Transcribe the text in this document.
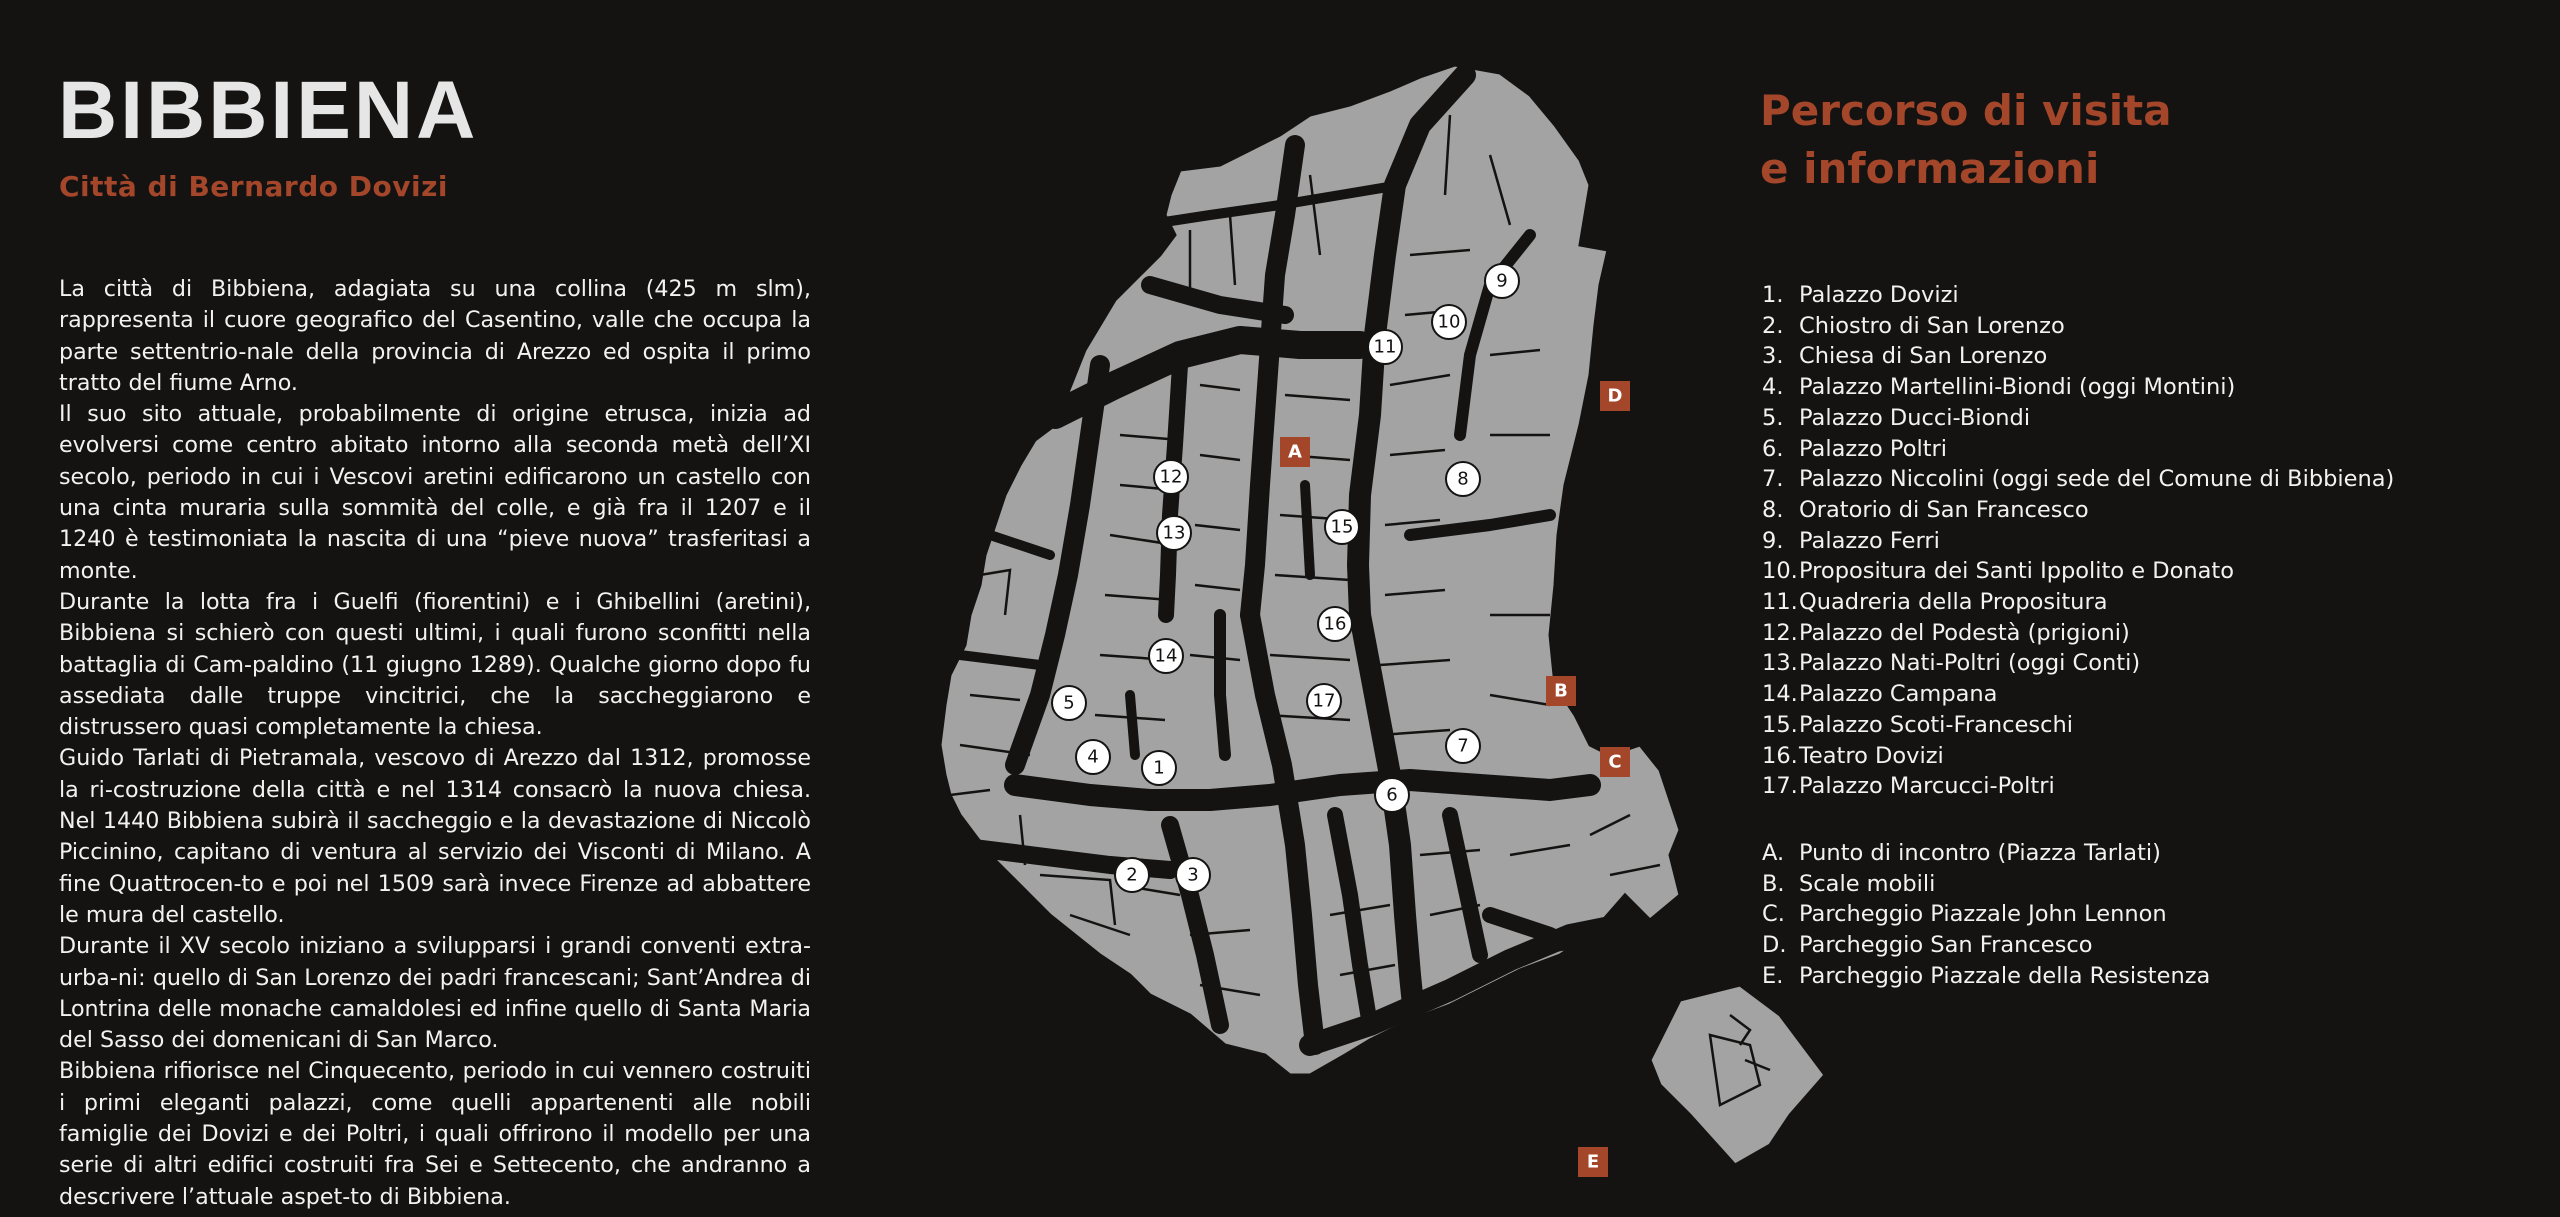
BIBBIENA
Città di Bernardo Dovizi

La città di Bibbiena, adagiata su una collina (425 m slm), rappresenta il cuore geografico del Casentino, valle che occupa la parte settentrio-nale della provincia di Arezzo ed ospita il primo tratto del fiume Arno.

Il suo sito attuale, probabilmente di origine etrusca, inizia ad evolversi come centro abitato intorno alla seconda metà dell’XI secolo, periodo in cui i Vescovi aretini edificarono un castello con una cinta muraria sulla sommità del colle, e già fra il 1207 e il 1240 è testimoniata la nascita di una “pieve nuova” trasferitasi a monte.

Durante la lotta fra i Guelfi (fiorentini) e i Ghibellini (aretini), Bibbiena si schierò con questi ultimi, i quali furono sconfitti nella battaglia di Cam-paldino (11 giugno 1289). Qualche giorno dopo fu assediata dalle truppe vincitrici, che la saccheggiarono e distrussero quasi completamente la chiesa.

Guido Tarlati di Pietramala, vescovo di Arezzo dal 1312, promosse la ri-costruzione della città e nel 1314 consacrò la nuova chiesa. Nel 1440 Bibbiena subirà il saccheggio e la devastazione di Niccolò Piccinino, capitano di ventura al servizio dei Visconti di Milano. A fine Quattrocen-to e poi nel 1509 sarà invece Firenze ad abbattere le mura del castello.

Durante il XV secolo iniziano a svilupparsi i grandi conventi extra-urba-ni: quello di San Lorenzo dei padri francescani; Sant’Andrea di Lontrina delle monache camaldolesi ed infine quello di Santa Maria del Sasso dei domenicani di San Marco.

Bibbiena rifiorisce nel Cinquecento, periodo in cui vennero costruiti i primi eleganti palazzi, come quelli appartenenti alle nobili famiglie dei Dovizi e dei Poltri, i quali offrirono il modello per una serie di altri edifici costruiti fra Sei e Settecento, che andranno a descrivere l’attuale aspet-to di Bibbiena.

1
2	3
4
5
6
7
8
9
10
11
12
13
14
15
16
17
A
B
C
D
E
Percorso di visita
e informazioni
1. Palazzo Dovizi
2. Chiostro di San Lorenzo
3. Chiesa di San Lorenzo
4. Palazzo Martellini-Biondi (oggi Montini)
5. Palazzo Ducci-Biondi
6. Palazzo Poltri
7. Palazzo Niccolini (oggi sede del Comune di Bibbiena)
8. Oratorio di San Francesco
9. Palazzo Ferri
10. Propositura dei Santi Ippolito e Donato
11. Quadreria della Propositura
12. Palazzo del Podestà (prigioni)
13. Palazzo Nati-Poltri (oggi Conti)
14. Palazzo Campana
15. Palazzo Scoti-Franceschi
16. Teatro Dovizi
17. Palazzo Marcucci-Poltri
A. Punto di incontro (Piazza Tarlati)
B. Scale mobili
C. Parcheggio Piazzale John Lennon
D. Parcheggio San Francesco
E. Parcheggio Piazzale della Resistenza
